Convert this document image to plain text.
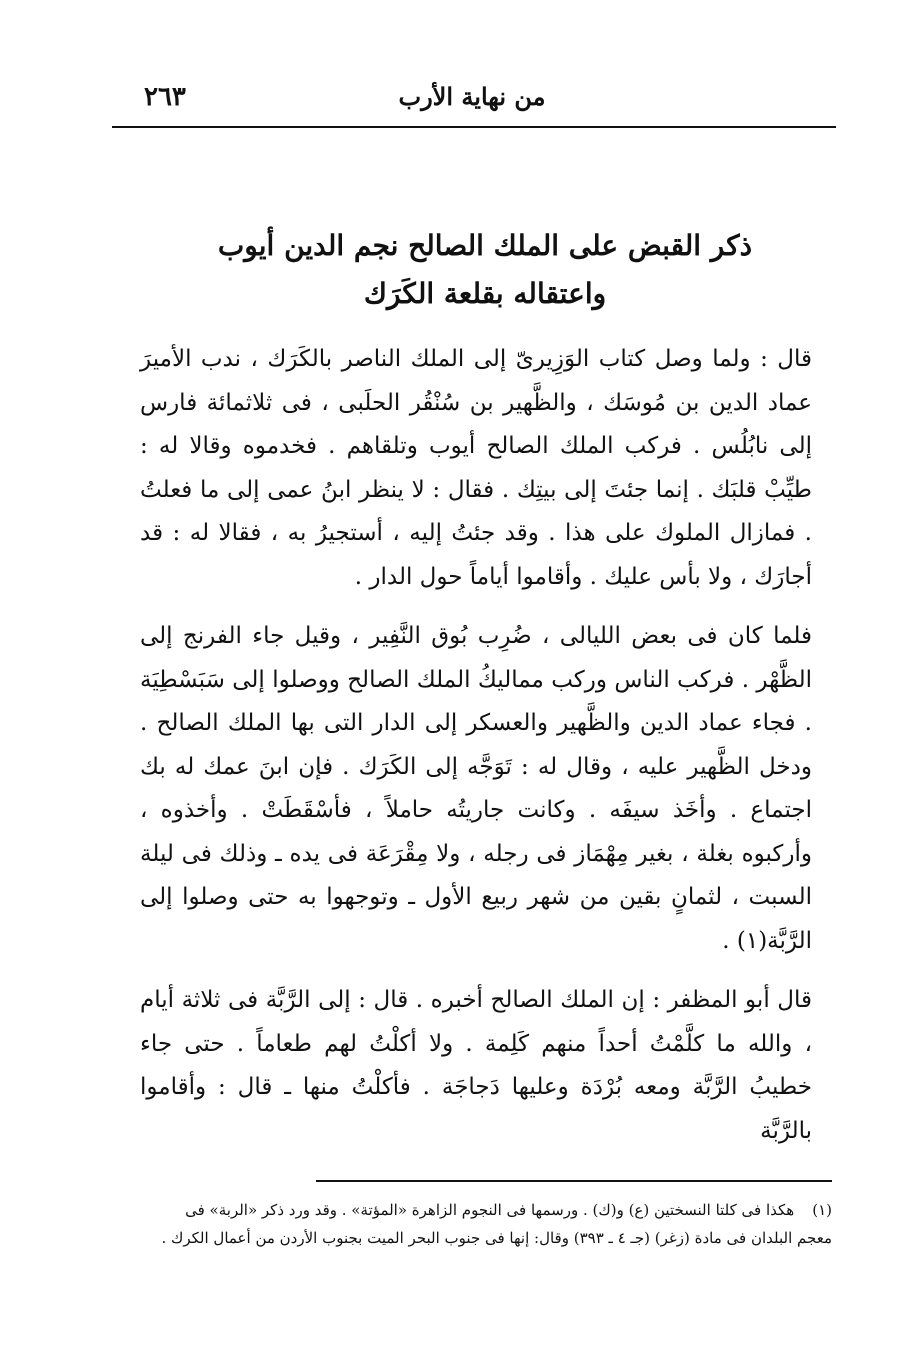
٢٦٣	من نهاية الأرب
ذكر القبض على الملك الصالح نجم الدين أيوب
واعتقاله بقلعة الكَرَك

قال : ولما وصل كتاب الوَزِيرىّ إلى الملك الناصر بالكَرَك ، ندب الأميرَ عماد الدين بن مُوسَك ، والظَّهير بن سُنْقُر الحلَبى ، فى ثلاثمائة فارس إلى نابُلُس . فركب الملك الصالح أيوب وتلقاهم . فخدموه وقالا له : طيِّبْ قلبَك . إنما جئتَ إلى بيتِك . فقال : لا ينظر ابنُ عمى إلى ما فعلتُ . فمازال الملوك على هذا . وقد جئتُ إليه ، أستجيرُ به ، فقالا له : قد أجارَك ، ولا بأس عليك . وأقاموا أياماً حول الدار .

فلما كان فى بعض الليالى ، ضُرِب بُوق النَّفِير ، وقيل جاء الفرنج إلى الظَّهْر . فركب الناس وركب مماليكُ الملك الصالح ووصلوا إلى سَبَسْطِيَة . فجاء عماد الدين والظَّهير والعسكر إلى الدار التى بها الملك الصالح . ودخل الظَّهير عليه ، وقال له : تَوَجَّه إلى الكَرَك . فإن ابنَ عمك له بك اجتماع . وأخَذ سيفَه . وكانت جاريتُه حاملاً ، فأسْقَطَتْ . وأخذوه ، وأركبوه بغلة ، بغير مِهْمَاز فى رجله ، ولا مِقْرَعَة فى يده ـ وذلك فى ليلة السبت ، لثمانٍ بقين من شهر ربيع الأول ـ وتوجهوا به حتى وصلوا إلى الرَّبَّة(١) .

قال أبو المظفر : إن الملك الصالح أخبره . قال : إلى الرَّبَّة فى ثلاثة أيام ، والله ما كلَّمْتُ أحداً منهم كَلِمة . ولا أكلْتُ لهم طعاماً . حتى جاء خطيبُ الرَّبَّة ومعه بُرْدَة وعليها دَجاجَة . فأكلْتُ منها ـ قال : وأقاموا بالرَّبَّة

(١)هكذا فى كلتا النسختين (ع) و(ك) . ورسمها فى النجوم الزاهرة «المؤتة» . وقد ورد ذكر «الربة» فى معجم البلدان فى مادة (زغر) (جـ ٤ ـ ٣٩٣) وقال: إنها فى جنوب البحر الميت بجنوب الأردن من أعمال الكرك .
